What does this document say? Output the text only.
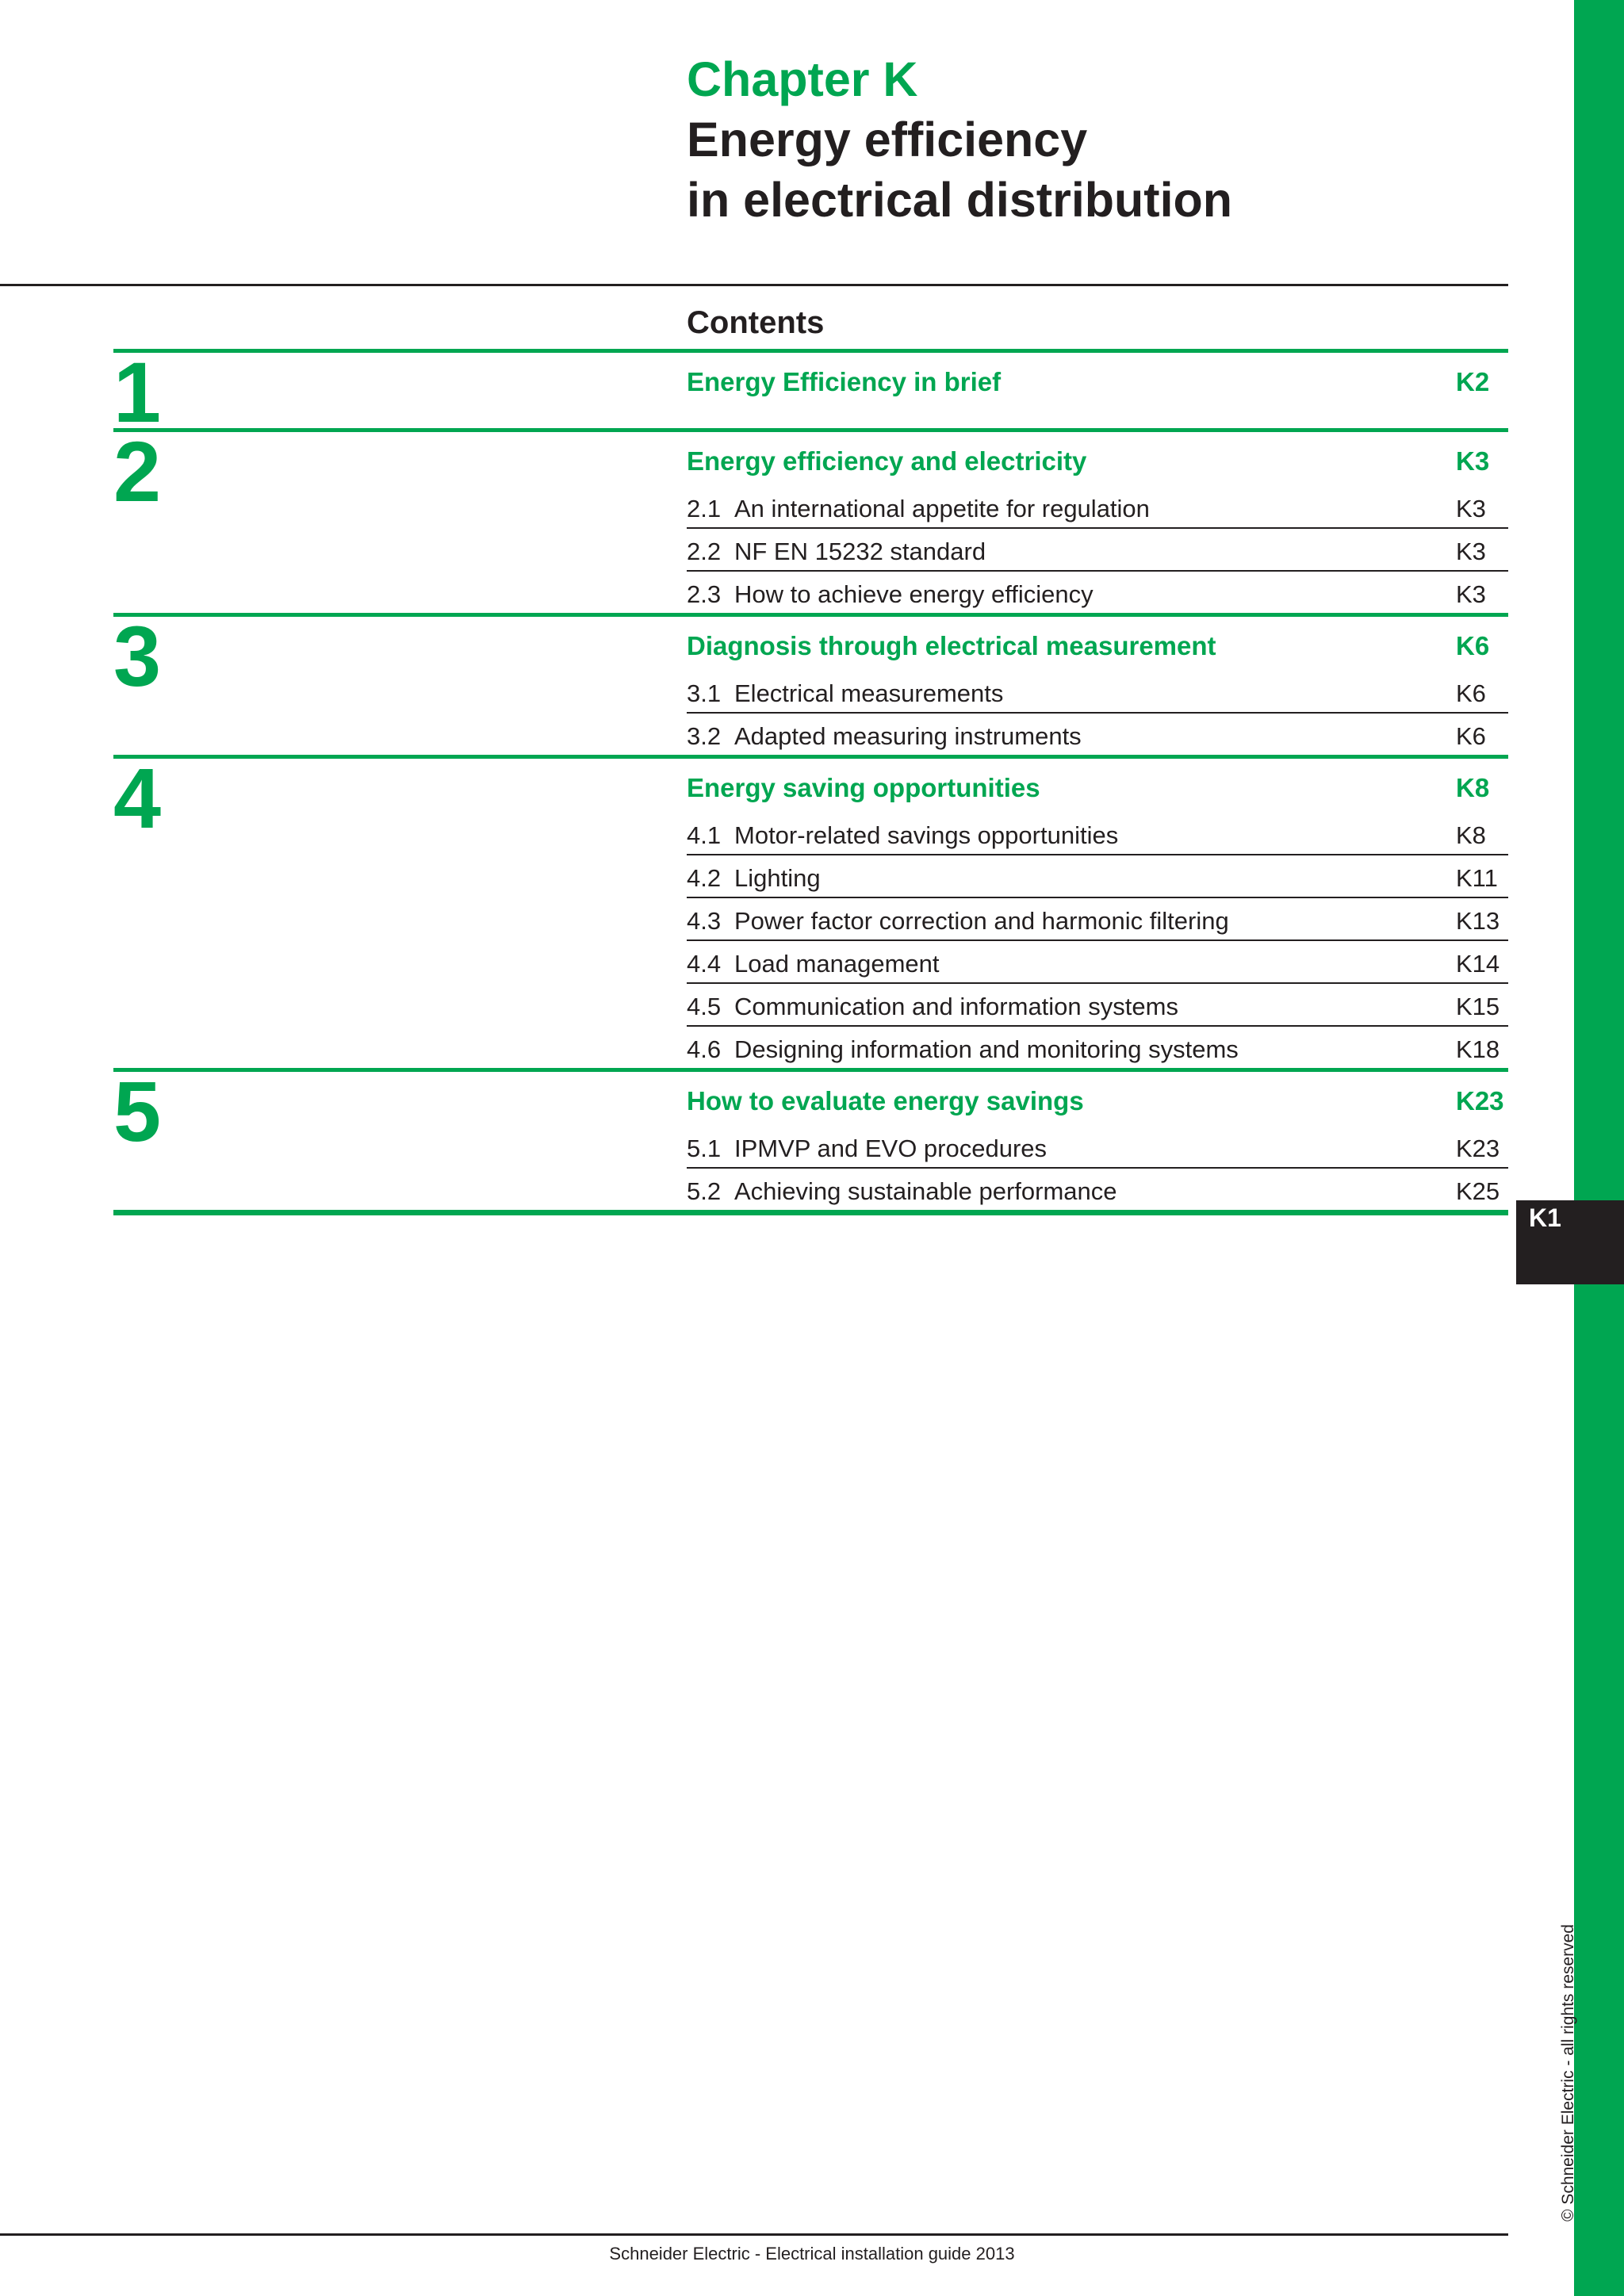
K1
© Schneider Electric - all rights reserved
Chapter K
Energy efficiency
in electrical distribution
Contents
1	Energy Efficiency in brief	K2
2	Energy efficiency and electricity	K3
2.1 An international appetite for regulation	K3
2.2 NF EN 15232 standard	K3
2.3 How to achieve energy efficiency	K3
3	Diagnosis through electrical measurement	K6
3.1 Electrical measurements	K6
3.2 Adapted measuring instruments	K6
4	Energy saving opportunities	K8
4.1 Motor-related savings opportunities	K8
4.2 Lighting	K11
4.3 Power factor correction and harmonic filtering	K13
4.4 Load management	K14
4.5 Communication and information systems	K15
4.6 Designing information and monitoring systems	K18
5	How to evaluate energy savings	K23
5.1 IPMVP and EVO procedures	K23
5.2 Achieving sustainable performance	K25
Schneider Electric - Electrical installation guide 2013
